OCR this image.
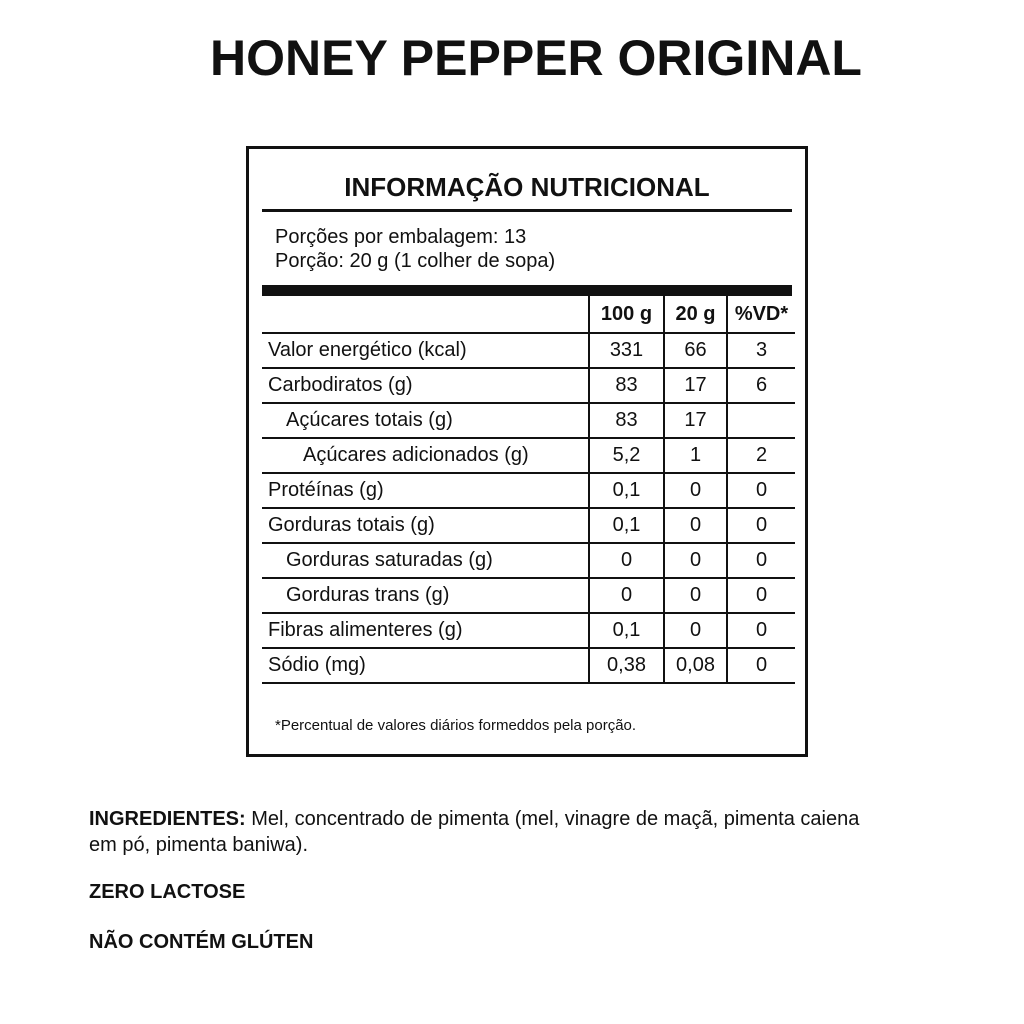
HONEY PEPPER ORIGINAL
INFORMAÇÃO NUTRICIONAL
Porções por embalagem: 13
Porção: 20 g (1 colher de sopa)
	100 g	20 g	%VD*
Valor energético (kcal)	331	66	3
Carbodiratos (g)	83	17	6
Açúcares totais (g)	83	17	
Açúcares adicionados (g)	5,2	1	2
Protéínas (g)	0,1	0	0
Gorduras totais (g)	0,1	0	0
Gorduras saturadas (g)	0	0	0
Gorduras trans (g)	0	0	0
Fibras alimenteres (g)	0,1	0	0
Sódio (mg)	0,38	0,08	0
*Percentual de valores diários formeddos pela porção.
INGREDIENTES: Mel, concentrado de pimenta (mel, vinagre de maçã, pimenta caiena em pó, pimenta baniwa).
ZERO LACTOSE
NÃO CONTÉM GLÚTEN
